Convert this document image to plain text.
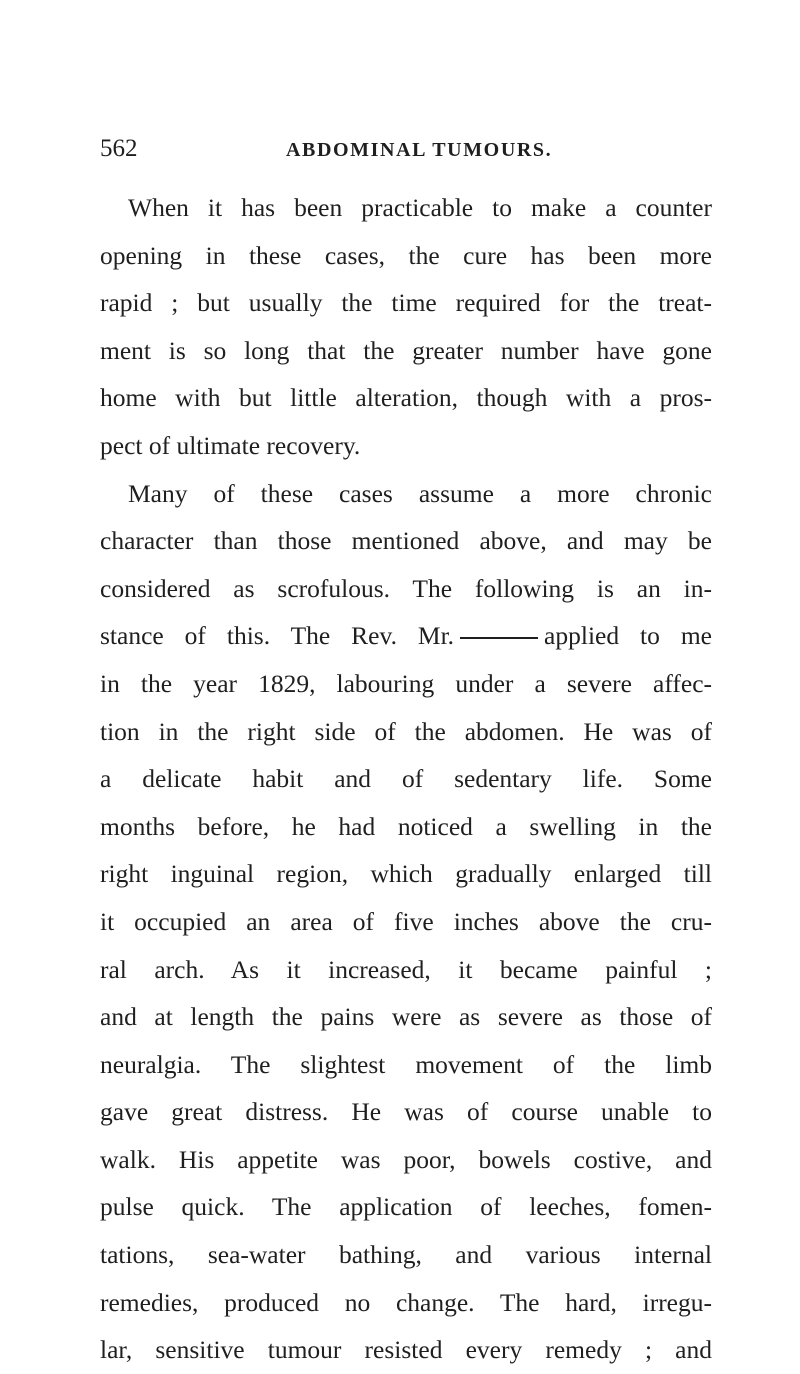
562	ABDOMINAL TUMOURS.
When it has been practicable to make a counter
opening in these cases, the cure has been more
rapid ; but usually the time required for the treat-
ment is so long that the greater number have gone
home with but little alteration, though with a pros-
pect of ultimate recovery.
Many of these cases assume a more chronic
character than those mentioned above, and may be
considered as scrofulous. The following is an in-
stance of this. The Rev. Mr.	applied to me
in the year 1829, labouring under a severe affec-
tion in the right side of the abdomen. He was of
a delicate habit and of sedentary life. Some
months before, he had noticed a swelling in the
right inguinal region, which gradually enlarged till
it occupied an area of five inches above the cru-
ral arch. As it increased, it became painful ;
and at length the pains were as severe as those of
neuralgia. The slightest movement of the limb
gave great distress. He was of course unable to
walk. His appetite was poor, bowels costive, and
pulse quick. The application of leeches, fomen-
tations, sea-water bathing, and various internal
remedies, produced no change. The hard, irregu-
lar, sensitive tumour resisted every remedy ; and
